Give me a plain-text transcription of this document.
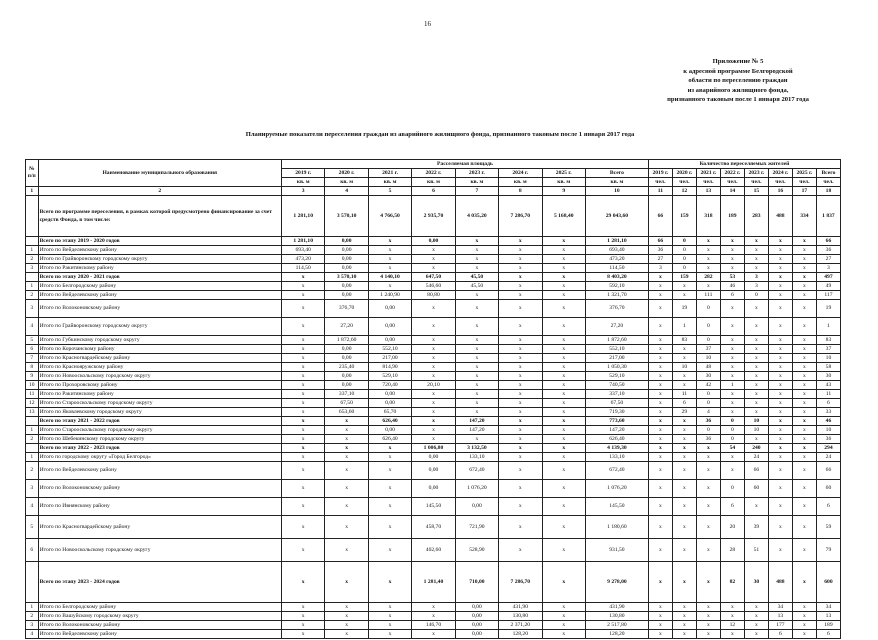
16
Приложение № 5
к адресной программе Белгородской
области по переселению граждан
из аварийного жилищного фонда,
признанного таковым после 1 января 2017 года
Планируемые показатели переселения граждан из аварийного жилищного фонда, признанного таковым после 1 января 2017 года
№ п/п	Наименование муниципального образования	Расселяемая площадь								Количество переселяемых жителей							
		2019 г.	2020 г.	2021 г.	2022 г.	2023 г.	2024 г.	2025 г.	Всего	2019 г.	2020 г.	2021 г.	2022 г.	2023 г.	2024 г.	2025 г.	Всего
		кв. м	кв. м	кв. м	кв. м	кв. м	кв. м	кв. м	кв. м	чел.	чел.	чел.	чел.	чел.	чел.	чел.	чел.
1	2	3	4	5	6	7	8	9	10	11	12	13	14	15	16	17	18
	Всего по программе переселения, в рамках которой предусмотрено финансирование за счет средств Фонда, в том числе:	1 281,10	3 570,10	4 766,50	2 935,70	4 035,20	7 286,70	5 168,40	29 043,60	66	159	318	189	283	488	334	1 837
	Всего по этапу 2019 - 2020 годов	1 281,10	0,00	x	0,00	x	x	x	1 281,10	66	0	x	x	x	x	x	66
1	Итого по Вейделевскому району	693,40	0,00	x	x	x	x	x	693,40	36	0	x	x	x	x	x	36
2	Итого по Грайворонскому городскому округу	473,20	0,00	x	x	x	x	x	473,20	27	0	x	x	x	x	x	27
3	Итого по Ракитянскому району	114,50	0,00	x	x	x	x	x	114,50	3	0	x	x	x	x	x	3
	Всего по этапу 2020 - 2021 годов	x	3 570,10	4 140,10	647,50	45,50	x	x	8 403,20	x	159	282	53	3	x	x	497
1	Итого по Белгородскому району	x	0,00	x	546,60	45,50	x	x	592,10	x	x	x	46	3	x	x	49
2	Итого по Вейделевскому району	x	0,00	1 240,90	80,80	x	x	x	1 321,70	x	x	111	6	0	x	x	117
3	Итого по Волоконовскому району	x	376,70	0,00	x	x	x	x	376,70	x	19	0	x	x	x	x	19
4	Итого по Грайворонскому городскому округу	x	27,20	0,00	x	x	x	x	27,20	x	1	0	x	x	x	x	1
5	Итого по Губкинскому городскому округу	x	1 872,60	0,00	x	x	x	x	1 872,60	x	83	0	x	x	x	x	83
6	Итого по Корочанскому району	x	0,00	552,10	x	x	x	x	552,10	x	x	37	x	x	x	x	37
7	Итого по Красногвардейскому району	x	0,00	217,00	x	x	x	x	217,00	x	x	10	x	x	x	x	10
8	Итого по Краснояружскому району	x	235,40	814,90	x	x	x	x	1 050,30	x	10	48	x	x	x	x	58
9	Итого по Новооскольскому городскому округу	x	0,00	529,10	x	x	x	x	529,10	x	x	30	x	x	x	x	30
10	Итого по Прохоровскому району	x	0,00	720,40	20,10	x	x	x	740,50	x	x	42	1	x	x	x	43
11	Итого по Ракитянскому району	x	337,10	0,00	x	x	x	x	337,10	x	11	0	x	x	x	x	11
12	Итого по Старооскольскому городскому округу	x	67,50	0,00	x	x	x	x	67,50	x	6	0	x	x	x	x	6
13	Итого по Яковлевскому городскому округу	x	653,60	65,70	x	x	x	x	719,30	x	29	4	x	x	x	x	33
	Всего по этапу 2021 - 2022 годов	x	x	626,40	x	147,20	x	x	773,60	x	x	36	0	10	x	x	46
1	Итого по Старооскольскому городскому округу	x	x	0,00	x	147,20	x	x	147,20	x	x	0	0	10	x	x	10
2	Итого по Шебекинскому городскому округу	x	x	626,40	x	x	x	x	626,40	x	x	36	0	x	x	x	36
	Всего по этапу 2022 - 2023 годов	x	x	x	1 006,80	3 132,50	x	x	4 139,30	x	x	x	54	240	x	x	294
1	Итого по городскому округу «Город Белгород»	x	x	x	0,00	133,10	x	x	133,10	x	x	x	x	24	x	x	24
2	Итого по Вейделевскому району	x	x	x	0,00	672,40	x	x	672,40	x	x	x	x	66	x	x	66
3	Итого по Волоконовскому району	x	x	x	0,00	1 076,20	x	x	1 076,20	x	x	x	0	60	x	x	60
4	Итого по Ивнянскому району	x	x	x	145,50	0,00	x	x	145,50	x	x	x	6	x	x	x	6
5	Итого по Красногвардейскому району	x	x	x	458,70	721,90	x	x	1 180,60	x	x	x	20	39	x	x	59
6	Итого по Новооскольскому городскому округу	x	x	x	402,60	528,90	x	x	931,50	x	x	x	28	51	x	x	79
	Всего по этапу 2023 - 2024 годов	x	x	x	1 281,40	710,00	7 286,70	x	9 278,00	x	x	x	82	30	488	x	600
1	Итого по Белгородскому району	x	x	x	x	0,00	431,90	x	431,90	x	x	x	x	x	34	x	34
2	Итого по Вашуйскому городскому округу	x	x	x	x	0,00	130,80	x	130,80	x	x	x	x	x	13	x	13
3	Итого по Волоконовскому району	x	x	x	146,70	0,00	2 371,20	x	2 517,80	x	x	x	12	x	177	x	189
4	Итого по Вейделевскому району	x	x	x	x	0,00	128,20	x	128,20	x	x	x	x	x	6	x	6
